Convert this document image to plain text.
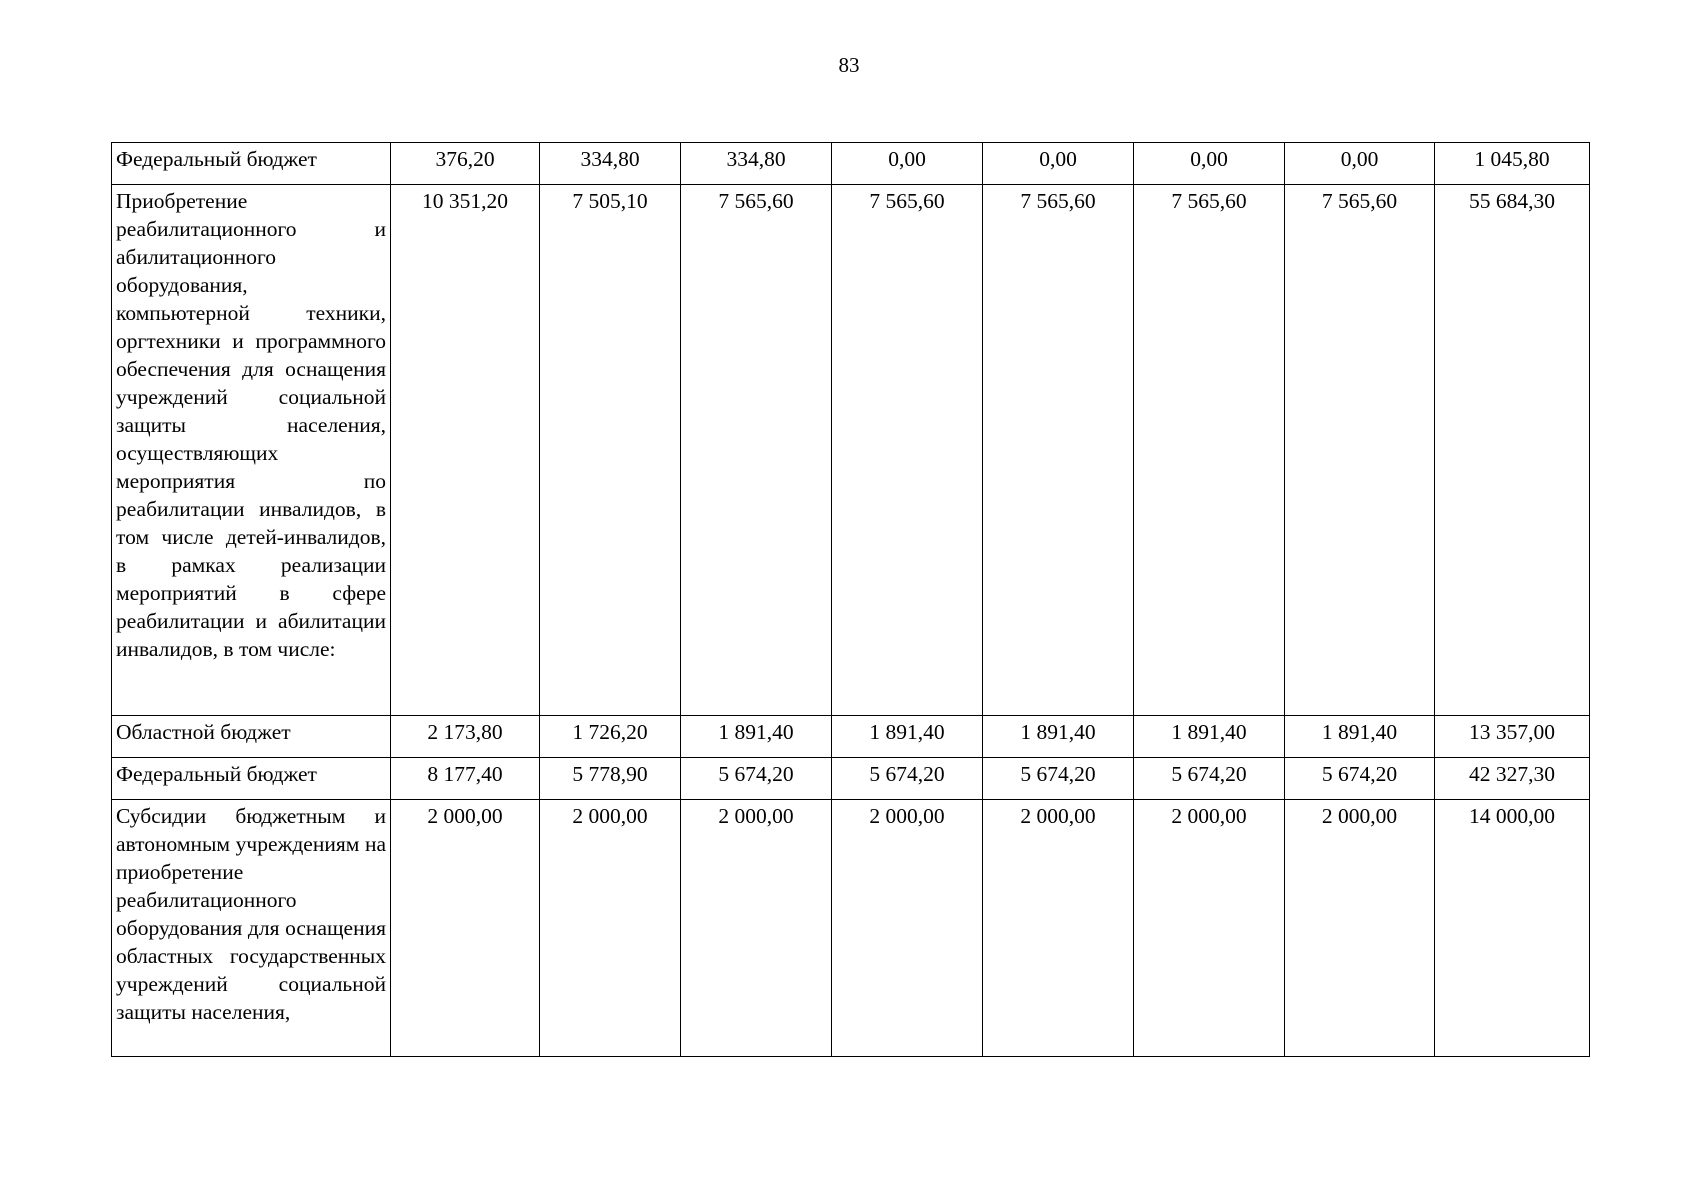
83
Федеральный бюджет	376,20	334,80	334,80	0,00	0,00	0,00	0,00	1 045,80
Приобретение реабилитационного и абилитационного оборудования, компьютерной техники, оргтехники и программного обеспечения для оснащения учреждений социальной защиты населения, осуществляющих мероприятия по реабилитации инвалидов, в том числе детей-инвалидов, в рамках реализации мероприятий в сфере реабилитации и абилитации инвалидов, в том числе:	10 351,20	7 505,10	7 565,60	7 565,60	7 565,60	7 565,60	7 565,60	55 684,30
Областной бюджет	2 173,80	1 726,20	1 891,40	1 891,40	1 891,40	1 891,40	1 891,40	13 357,00
Федеральный бюджет	8 177,40	5 778,90	5 674,20	5 674,20	5 674,20	5 674,20	5 674,20	42 327,30
Субсидии бюджетным и автономным учреждениям на приобретение реабилитационного оборудования для оснащения областных государственных учреждений социальной защиты населения,	2 000,00	2 000,00	2 000,00	2 000,00	2 000,00	2 000,00	2 000,00	14 000,00
